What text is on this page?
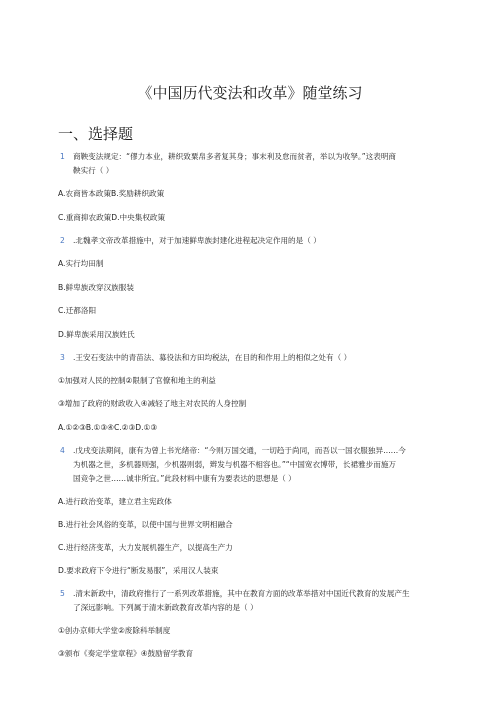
《中国历代变法和改革》随堂练习
一、选择题
1 商鞅变法规定：“僇力本业，耕织致粟帛多者复其身；事末利及怠而贫者，举以为收孥。”这表明商
鞅实行（ ）
A.农商皆本政策B.奖励耕织政策
C.重商抑农政策D.中央集权政策
2 .北魏孝文帝改革措施中，对于加速鲜卑族封建化进程起决定作用的是（ ）
A.实行均田制
B.鲜卑族改穿汉族服装
C.迁都洛阳
D.鲜卑族采用汉族姓氏
3 .王安石变法中的青苗法、募役法和方田均税法，在目的和作用上的相似之处有（ ）
①加强对人民的控制②限制了官僚和地主的利益
③增加了政府的财政收入④减轻了地主对农民的人身控制
A.①②③B.①③④C.②③D.①③
4 .戊戌变法期间，康有为曾上书光绪帝：“今则万国交通，一切趋于尚同，而吾以一国衣服独异……今
为机器之世，多机器则强，少机器则弱，辫发与机器不相容也。”“中国宽衣博带，长裙雅步而施万
国竞争之世……诚非所宜。”此段材料中康有为要表达的思想是（ ）
A.进行政治变革，建立君主宪政体
B.进行社会风俗的变革，以使中国与世界文明相融合
C.进行经济变革，大力发展机器生产，以提高生产力
D.要求政府下令进行“断发易服”，采用汉人装束
5 .清末新政中，清政府推行了一系列改革措施，其中在教育方面的改革举措对中国近代教育的发展产生
了深远影响。下列属于清末新政教育改革内容的是（ ）
①创办京师大学堂②废除科举制度
③颁布《奏定学堂章程》④鼓励留学教育
